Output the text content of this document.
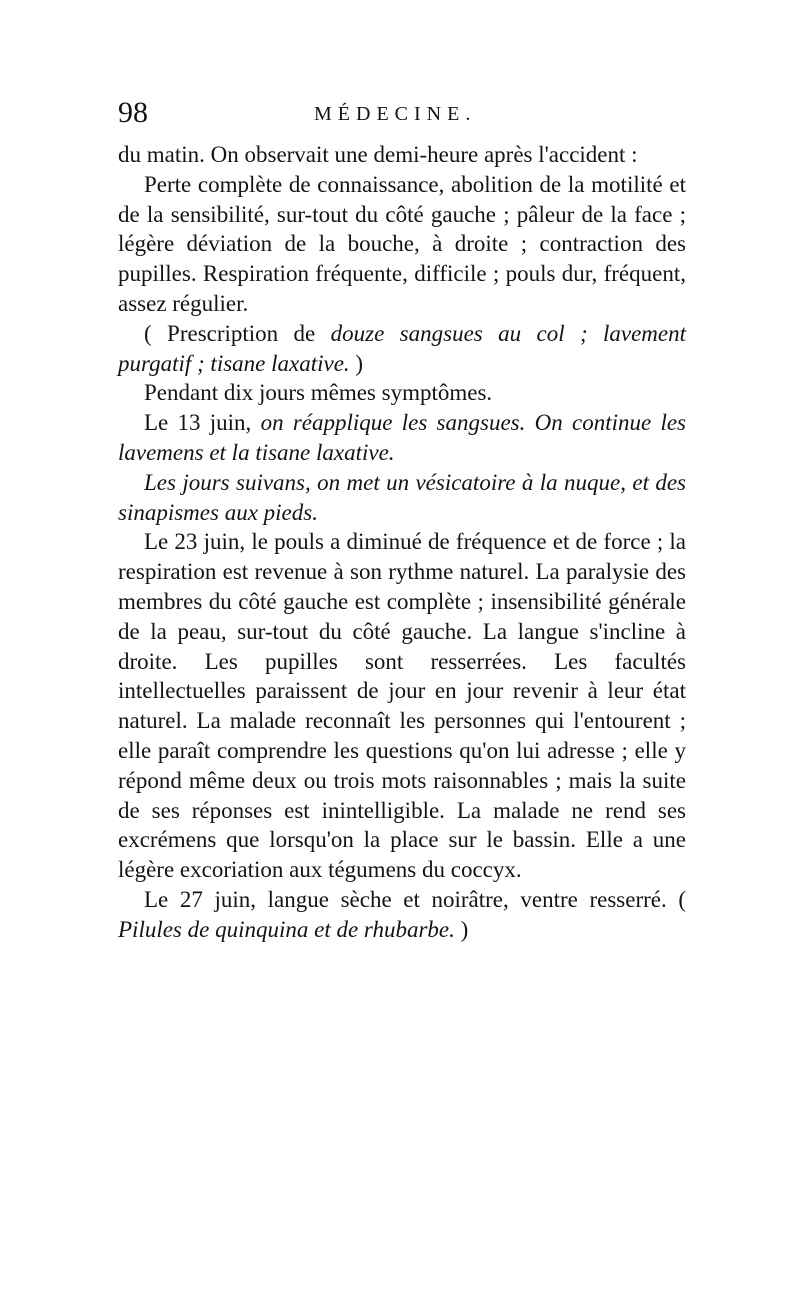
98	MÉDECINE.

du matin. On observait une demi-heure après l'accident :

Perte complète de connaissance, abolition de la motilité et de la sensibilité, sur-tout du côté gauche ; pâleur de la face ; légère déviation de la bouche, à droite ; contraction des pupilles. Respiration fréquente, difficile ; pouls dur, fréquent, assez régulier.

( Prescription de douze sangsues au col ; lavement purgatif ; tisane laxative. )

Pendant dix jours mêmes symptômes.

Le 13 juin, on réapplique les sangsues. On continue les lavemens et la tisane laxative.

Les jours suivans, on met un vésicatoire à la nuque, et des sinapismes aux pieds.

Le 23 juin, le pouls a diminué de fréquence et de force ; la respiration est revenue à son rythme naturel. La paralysie des membres du côté gauche est complète ; insensibilité générale de la peau, sur-tout du côté gauche. La langue s'incline à droite. Les pupilles sont resserrées. Les facultés intellectuelles paraissent de jour en jour revenir à leur état naturel. La malade reconnaît les personnes qui l'entourent ; elle paraît comprendre les questions qu'on lui adresse ; elle y répond même deux ou trois mots raisonnables ; mais la suite de ses réponses est inintelligible. La malade ne rend ses excrémens que lorsqu'on la place sur le bassin. Elle a une légère excoriation aux tégumens du coccyx.

Le 27 juin, langue sèche et noirâtre, ventre resserré. ( Pilules de quinquina et de rhubarbe. )
